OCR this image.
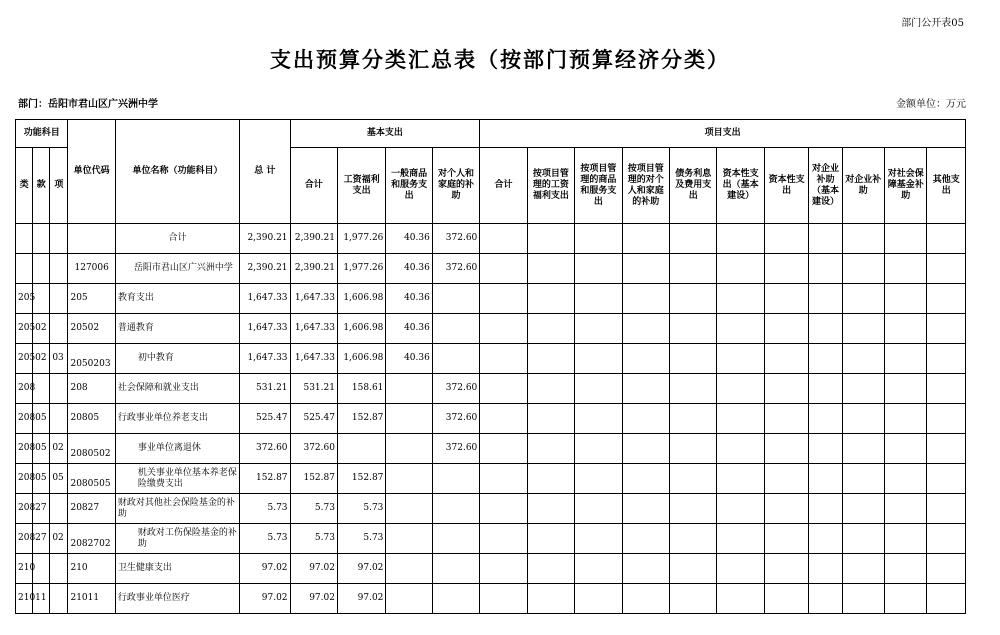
部门公开表05
支出预算分类汇总表（按部门预算经济分类）
部门：岳阳市君山区广兴洲中学	金额单位：万元
功能科目			单位代码	单位名称（功能科目）	总 计	基本支出				项目支出										
类	款	项				合计	工资福利支出	一般商品和服务支出	对个人和家庭的补助	合计	按项目管理的工资福利支出	按项目管理的商品和服务支出	按项目管理的对个人和家庭的补助	债务利息及费用支出	资本性支出（基本建设）	资本性支出	对企业补助（基本建设）	对企业补助	对社会保障基金补助	其他支出
				合计	2,390.21	2,390.21	1,977.26	40.36	372.60											
			127006	岳阳市君山区广兴洲中学	2,390.21	2,390.21	1,977.26	40.36	372.60											
205			205	教育支出	1,647.33	1,647.33	1,606.98	40.36												
205	02		20502	普通教育	1,647.33	1,647.33	1,606.98	40.36												
205	02	03	2050203	初中教育	1,647.33	1,647.33	1,606.98	40.36												
208			208	社会保障和就业支出	531.21	531.21	158.61		372.60											
208	05		20805	行政事业单位养老支出	525.47	525.47	152.87		372.60											
208	05	02	2080502	事业单位离退休	372.60	372.60			372.60											
208	05	05	2080505	机关事业单位基本养老保险缴费支出	152.87	152.87	152.87													
208	27		20827	财政对其他社会保险基金的补助	5.73	5.73	5.73													
208	27	02	2082702	财政对工伤保险基金的补助	5.73	5.73	5.73													
210			210	卫生健康支出	97.02	97.02	97.02													
210	11		21011	行政事业单位医疗	97.02	97.02	97.02													
